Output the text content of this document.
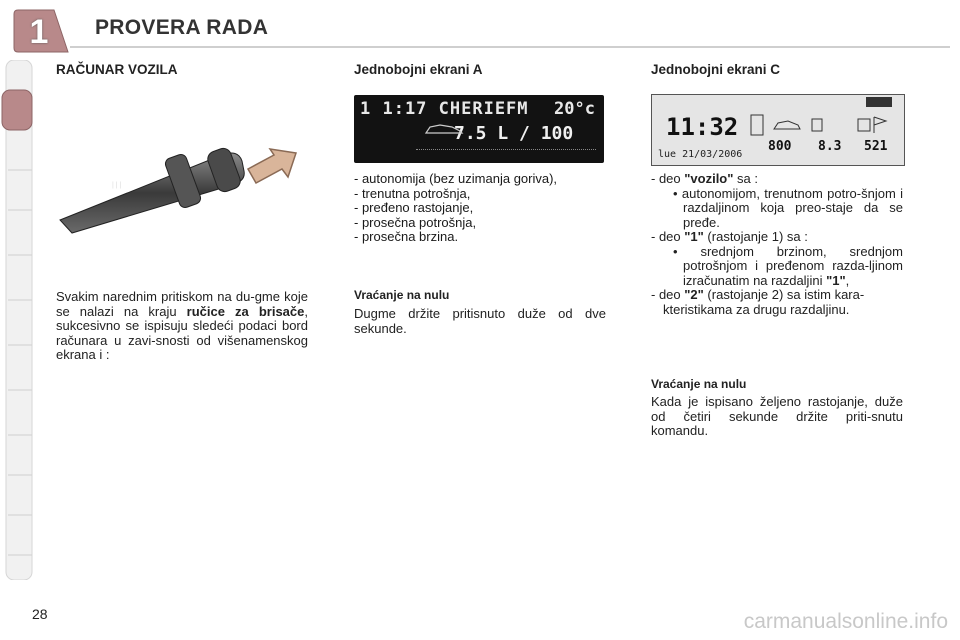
1	PROVERA RADA
RAČUNAR VOZILA
| | |
Svakim narednim pritiskom na du-gme koje se nalazi na kraju ručice za brisače, sukcesivno se ispisuju sledeći podaci bord računara u zavi-snosti od višenamenskog ekrana i :
Jednobojni ekrani A
1 1:17 CHERIEFM 20°c
7.5 L / 100
- autonomija (bez uzimanja goriva),
- trenutna potrošnja,
- pređeno rastojanje,
- prosečna potrošnja,
- prosečna brzina.
Vraćanje na nulu
Dugme držite pritisnuto duže od dve sekunde.
Jednobojni ekrani C
11:32
lue 21/03/2006
800 8.3 521
- deo "vozilo" sa :
• autonomijom, trenutnom potro-šnjom i razdaljinom koja preo-staje da se pređe.
- deo "1" (rastojanje 1) sa :
• srednjom brzinom, srednjom potrošnjom i pređenom razda-ljinom izračunatim na razdaljini "1",
- deo "2" (rastojanje 2) sa istim kara-kteristikama za drugu razdaljinu.
Vraćanje na nulu
Kada je ispisano željeno rastojanje, duže od četiri sekunde držite priti-snutu komandu.
28	carmanualsonline.info
